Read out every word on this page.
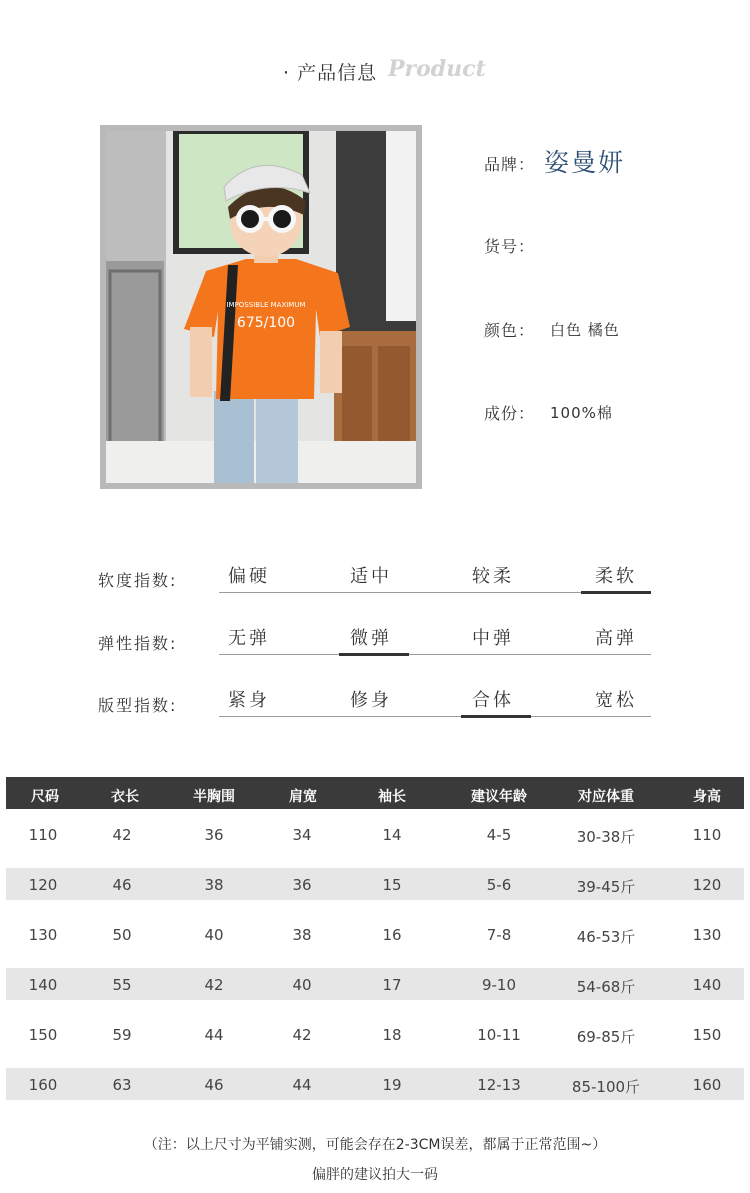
· 产品信息 Product
IMPOSSIBLE MAXIMUM
675/100
品牌： 姿曼妍
货号：
颜色： 白色 橘色
成份： 100%棉
软度指数:	偏硬	适中	较柔	柔软
弹性指数:	无弹	微弹	中弹	高弹
版型指数:	紧身	修身	合体	宽松
尺码	衣长	半胸围	肩宽	袖长	建议年龄	对应体重	身高
110	42	36	34	14	4-5	30-38斤	110
120	46	38	36	15	5-6	39-45斤	120
130	50	40	38	16	7-8	46-53斤	130
140	55	42	40	17	9-10	54-68斤	140
150	59	44	42	18	10-11	69-85斤	150
160	63	46	44	19	12-13	85-100斤	160
（注：以上尺寸为平铺实测，可能会存在2-3CM误差，都属于正常范围~）
偏胖的建议拍大一码
